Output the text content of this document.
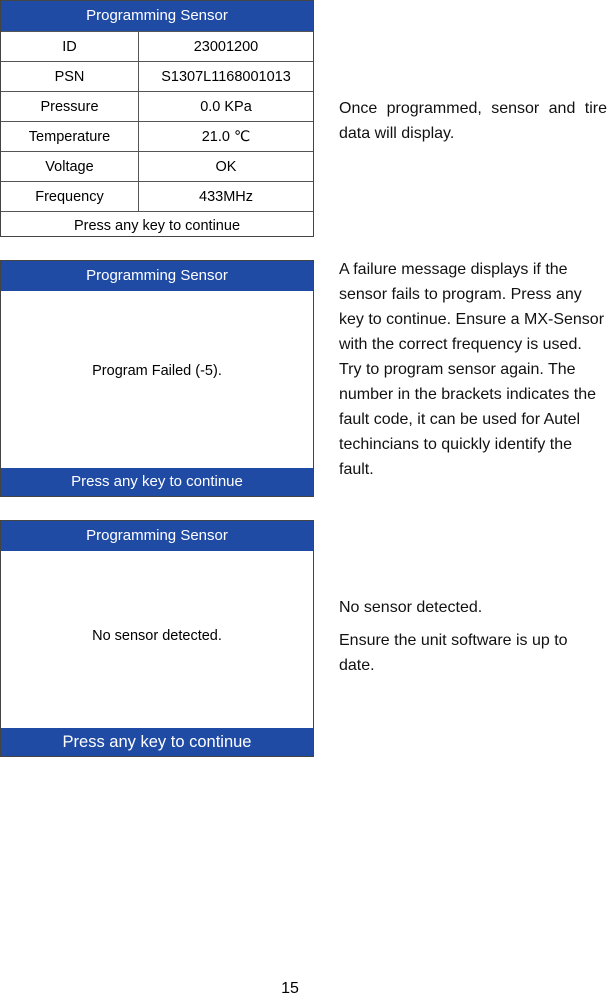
Programming Sensor
ID	23001200
PSN	S1307L1168001013
Pressure	0.0 KPa
Temperature	21.0 ℃
Voltage	OK
Frequency	433MHz
Press any key to continue

Once programmed, sensor and tire data will display.

Programming Sensor
Program Failed (-5).
Press any key to continue

A failure message displays if the sensor fails to program. Press any key to continue. Ensure a MX-Sensor with the correct frequency is used. Try to program sensor again. The number in the brackets indicates the fault code, it can be used for Autel techincians to quickly identify the fault.

Programming Sensor
No sensor detected.
Press any key to continue

No sensor detected.

Ensure the unit software is up to date.

15
